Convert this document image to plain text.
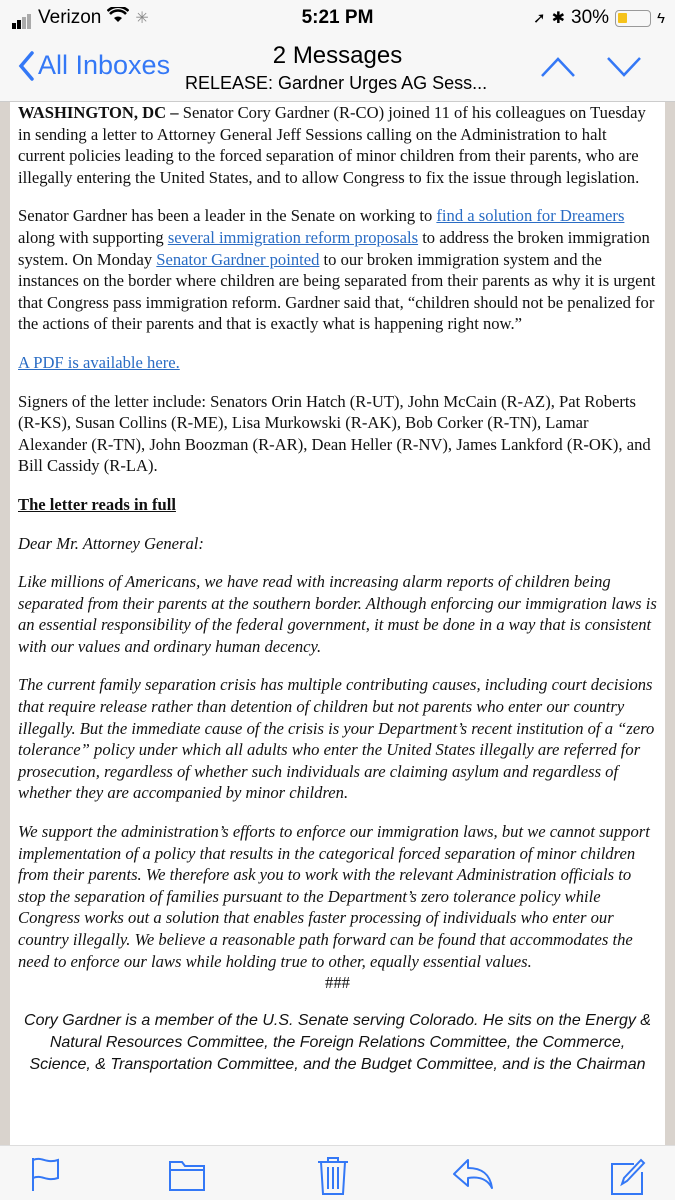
Verizon ✳	5:21 PM	➚ ✱ 30%	ϟ
All Inboxes	2 Messages
RELEASE: Gardner Urges AG Sess...

WASHINGTON, DC – Senator Cory Gardner (R-CO) joined 11 of his colleagues on Tuesday in sending a letter to Attorney General Jeff Sessions calling on the Administration to halt current policies leading to the forced separation of minor children from their parents, who are illegally entering the United States, and to allow Congress to fix the issue through legislation.

Senator Gardner has been a leader in the Senate on working to find a solution for Dreamers along with supporting several immigration reform proposals to address the broken immigration system. On Monday Senator Gardner pointed to our broken immigration system and the instances on the border where children are being separated from their parents as why it is urgent that Congress pass immigration reform. Gardner said that, “children should not be penalized for the actions of their parents and that is exactly what is happening right now.”

A PDF is available here.

Signers of the letter include: Senators Orin Hatch (R-UT), John McCain (R-AZ), Pat Roberts (R-KS), Susan Collins (R-ME), Lisa Murkowski (R-AK), Bob Corker (R-TN), Lamar Alexander (R-TN), John Boozman (R-AR), Dean Heller (R-NV), James Lankford (R-OK), and Bill Cassidy (R-LA).

The letter reads in full

Dear Mr. Attorney General:

Like millions of Americans, we have read with increasing alarm reports of children being separated from their parents at the southern border. Although enforcing our immigration laws is an essential responsibility of the federal government, it must be done in a way that is consistent with our values and ordinary human decency.

The current family separation crisis has multiple contributing causes, including court decisions that require release rather than detention of children but not parents who enter our country illegally. But the immediate cause of the crisis is your Department’s recent institution of a “zero tolerance” policy under which all adults who enter the United States illegally are referred for prosecution, regardless of whether such individuals are claiming asylum and regardless of whether they are accompanied by minor children.

We support the administration’s efforts to enforce our immigration laws, but we cannot support implementation of a policy that results in the categorical forced separation of minor children from their parents. We therefore ask you to work with the relevant Administration officials to stop the separation of families pursuant to the Department’s zero tolerance policy while Congress works out a solution that enables faster processing of individuals who enter our country illegally. We believe a reasonable path forward can be found that accommodates the need to enforce our laws while holding true to other, equally essential values.

###
Cory Gardner is a member of the U.S. Senate serving Colorado. He sits on the Energy & Natural Resources Committee, the Foreign Relations Committee, the Commerce, Science, & Transportation Committee, and the Budget Committee, and is the Chairman
